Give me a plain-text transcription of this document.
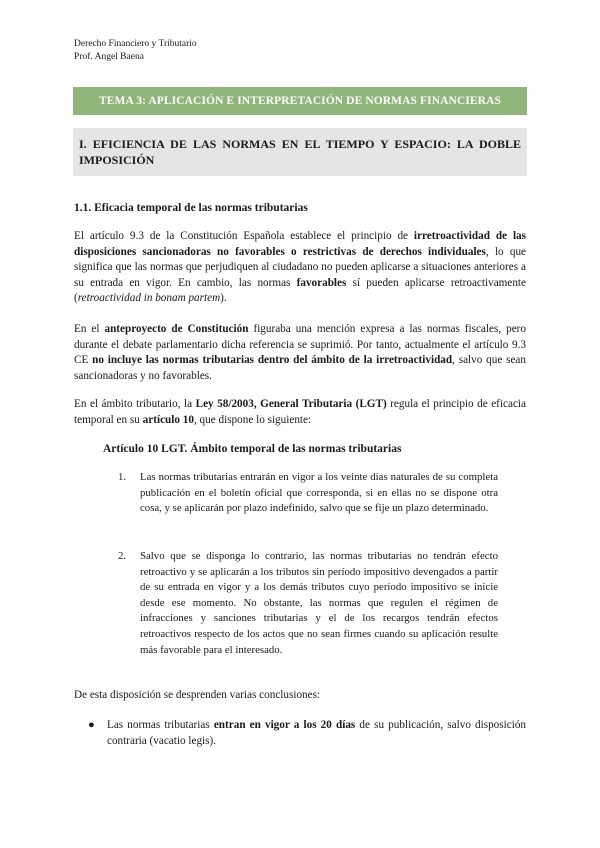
Derecho Financiero y Tributario
Prof. Angel Baena
TEMA 3: APLICACIÓN E INTERPRETACIÓN DE NORMAS FINANCIERAS
I. EFICIENCIA DE LAS NORMAS EN EL TIEMPO Y ESPACIO: LA DOBLE IMPOSICIÓN
1.1. Eficacia temporal de las normas tributarias
El artículo 9.3 de la Constitución Española establece el principio de irretroactividad de las disposiciones sancionadoras no favorables o restrictivas de derechos individuales, lo que significa que las normas que perjudiquen al ciudadano no pueden aplicarse a situaciones anteriores a su entrada en vigor. En cambio, las normas favorables sí pueden aplicarse retroactivamente (retroactividad in bonam partem).
En el anteproyecto de Constitución figuraba una mención expresa a las normas fiscales, pero durante el debate parlamentario dicha referencia se suprimió. Por tanto, actualmente el artículo 9.3 CE no incluye las normas tributarias dentro del ámbito de la irretroactividad, salvo que sean sancionadoras y no favorables.
En el ámbito tributario, la Ley 58/2003, General Tributaria (LGT) regula el principio de eficacia temporal en su artículo 10, que dispone lo siguiente:
Artículo 10 LGT. Ámbito temporal de las normas tributarias
1. Las normas tributarias entrarán en vigor a los veinte días naturales de su completa publicación en el boletín oficial que corresponda, si en ellas no se dispone otra cosa, y se aplicarán por plazo indefinido, salvo que se fije un plazo determinado.
2. Salvo que se disponga lo contrario, las normas tributarias no tendrán efecto retroactivo y se aplicarán a los tributos sin período impositivo devengados a partir de su entrada en vigor y a los demás tributos cuyo período impositivo se inicie desde ese momento. No obstante, las normas que regulen el régimen de infracciones y sanciones tributarias y el de los recargos tendrán efectos retroactivos respecto de los actos que no sean firmes cuando su aplicación resulte más favorable para el interesado.
De esta disposición se desprenden varias conclusiones:
● Las normas tributarias entran en vigor a los 20 días de su publicación, salvo disposición contraria (vacatio legis).
